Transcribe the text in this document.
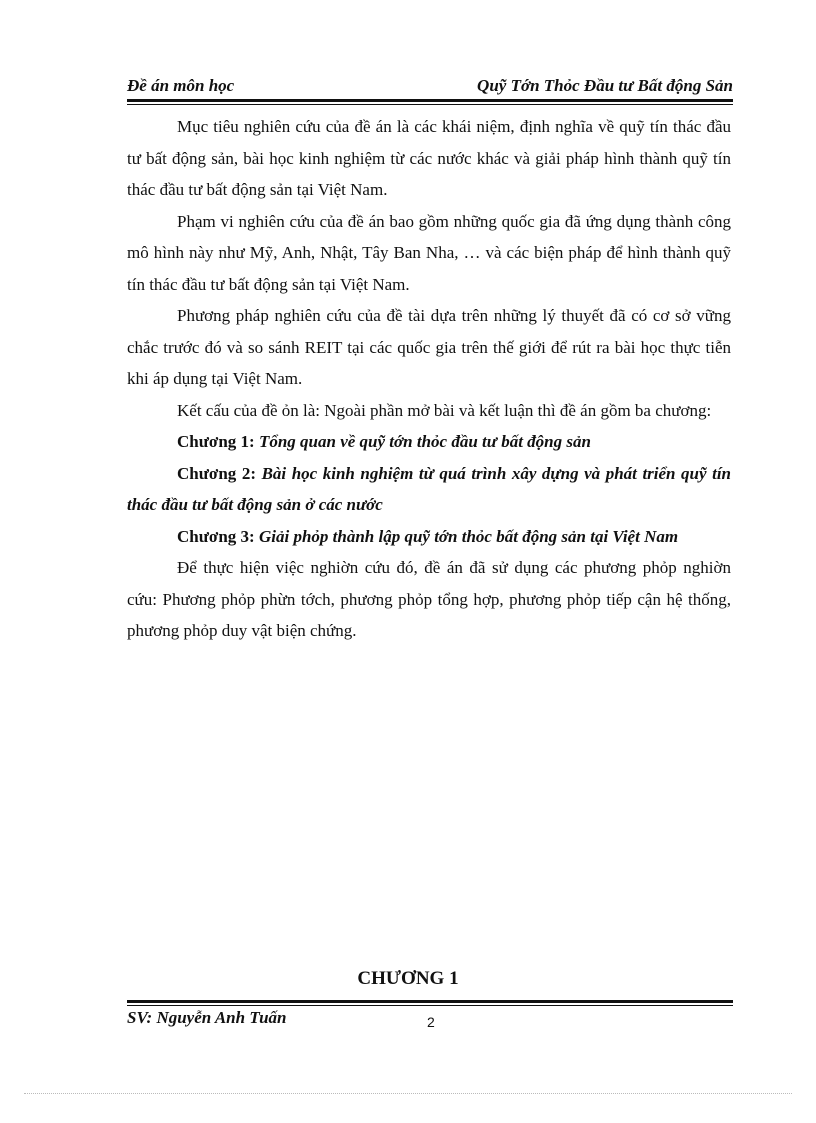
Đề án môn học	Quỹ Tớn Thỏc Đầu tư Bất động Sản

Mục tiêu nghiên cứu của đề án là các khái niệm, định nghĩa về quỹ tín thác đầu tư bất động sản, bài học kinh nghiệm từ các nước khác và giải pháp hình thành quỹ tín thác đầu tư bất động sản tại Việt Nam.

Phạm vi nghiên cứu của đề án bao gồm những quốc gia đã ứng dụng thành công mô hình này như Mỹ, Anh, Nhật, Tây Ban Nha, … và các biện pháp để hình thành quỹ tín thác đầu tư bất động sản tại Việt Nam.

Phương pháp nghiên cứu của đề tài dựa trên những lý thuyết đã có cơ sở vững chắc trước đó và so sánh REIT tại các quốc gia trên thế giới để rút ra bài học thực tiễn khi áp dụng tại Việt Nam.

Kết cấu của đề ỏn là: Ngoài phần mở bài và kết luận thì đề án gồm ba chương:

Chương 1: Tổng quan về quỹ tớn thỏc đầu tư bất động sản

Chương 2: Bài học kinh nghiệm từ quá trình xây dựng và phát triển quỹ tín thác đầu tư bất động sản ở các nước

Chương 3: Giải phỏp thành lập quỹ tớn thỏc bất động sản tại Việt Nam

Để thực hiện việc nghiờn cứu đó, đề án đã sử dụng các phương phỏp nghiờn cứu: Phương phỏp phừn tớch, phương phỏp tổng hợp, phương phỏp tiếp cận hệ thống, phương phỏp duy vật biện chứng.

CHƯƠNG 1
SV: Nguyễn Anh Tuấn	2
